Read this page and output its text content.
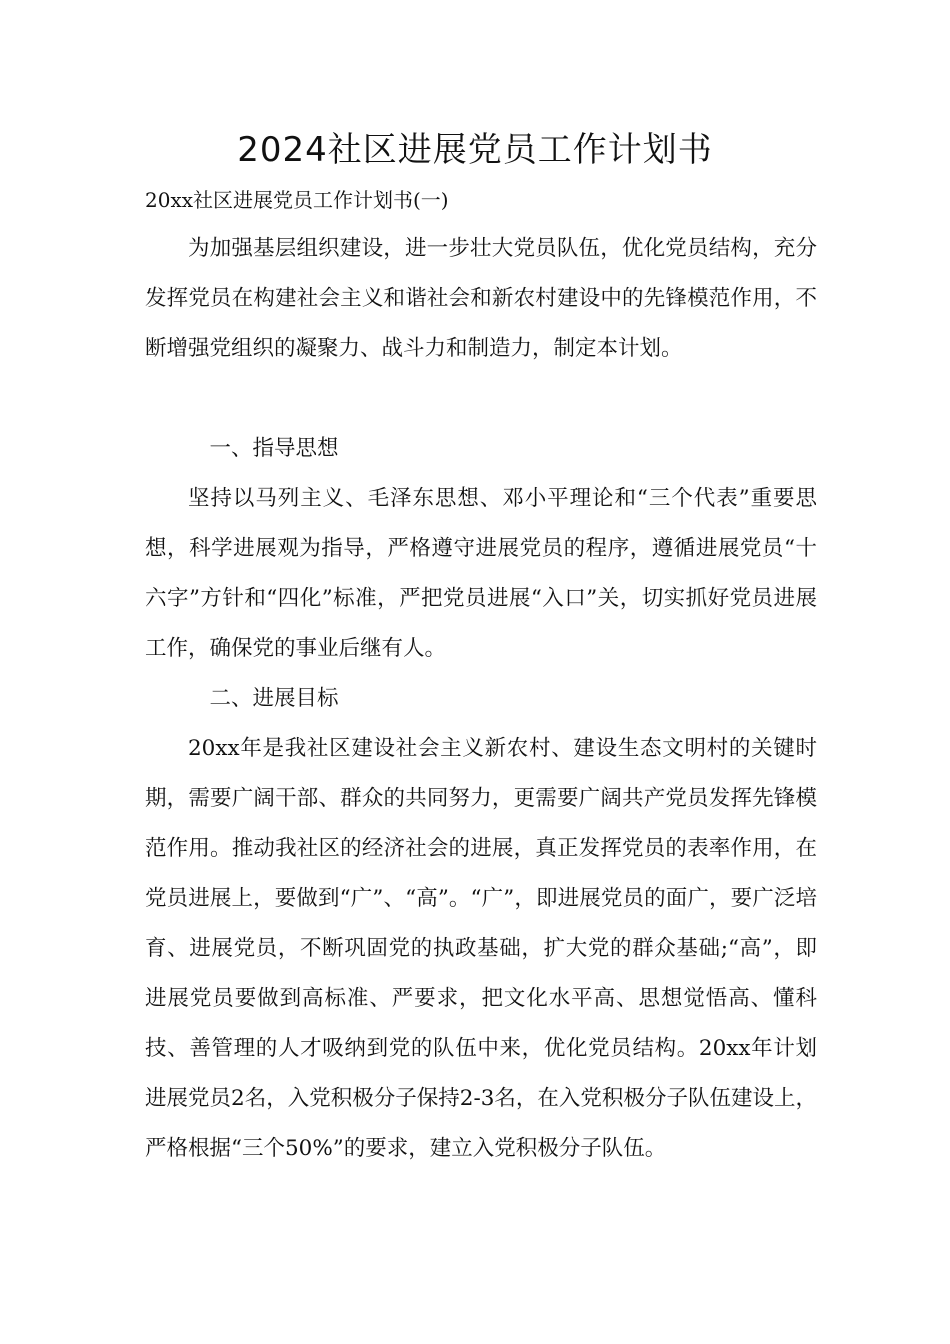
2024社区进展党员工作计划书

20xx社区进展党员工作计划书(一)

为加强基层组织建设，进一步壮大党员队伍，优化党员结构，充分发挥党员在构建社会主义和谐社会和新农村建设中的先锋模范作用，不断增强党组织的凝聚力、战斗力和制造力，制定本计划。

一、指导思想

坚持以马列主义、毛泽东思想、邓小平理论和“三个代表”重要思想，科学进展观为指导，严格遵守进展党员的程序，遵循进展党员“十六字”方针和“四化”标准，严把党员进展“入口”关，切实抓好党员进展工作，确保党的事业后继有人。

二、进展目标

20xx年是我社区建设社会主义新农村、建设生态文明村的关键时期，需要广阔干部、群众的共同努力，更需要广阔共产党员发挥先锋模范作用。推动我社区的经济社会的进展，真正发挥党员的表率作用，在党员进展上，要做到“广”、“高”。“广”，即进展党员的面广，要广泛培育、进展党员，不断巩固党的执政基础，扩大党的群众基础;“高”，即进展党员要做到高标准、严要求，把文化水平高、思想觉悟高、懂科技、善管理的人才吸纳到党的队伍中来，优化党员结构。20xx年计划进展党员2名，入党积极分子保持2-3名，在入党积极分子队伍建设上，严格根据“三个50%”的要求，建立入党积极分子队伍。
